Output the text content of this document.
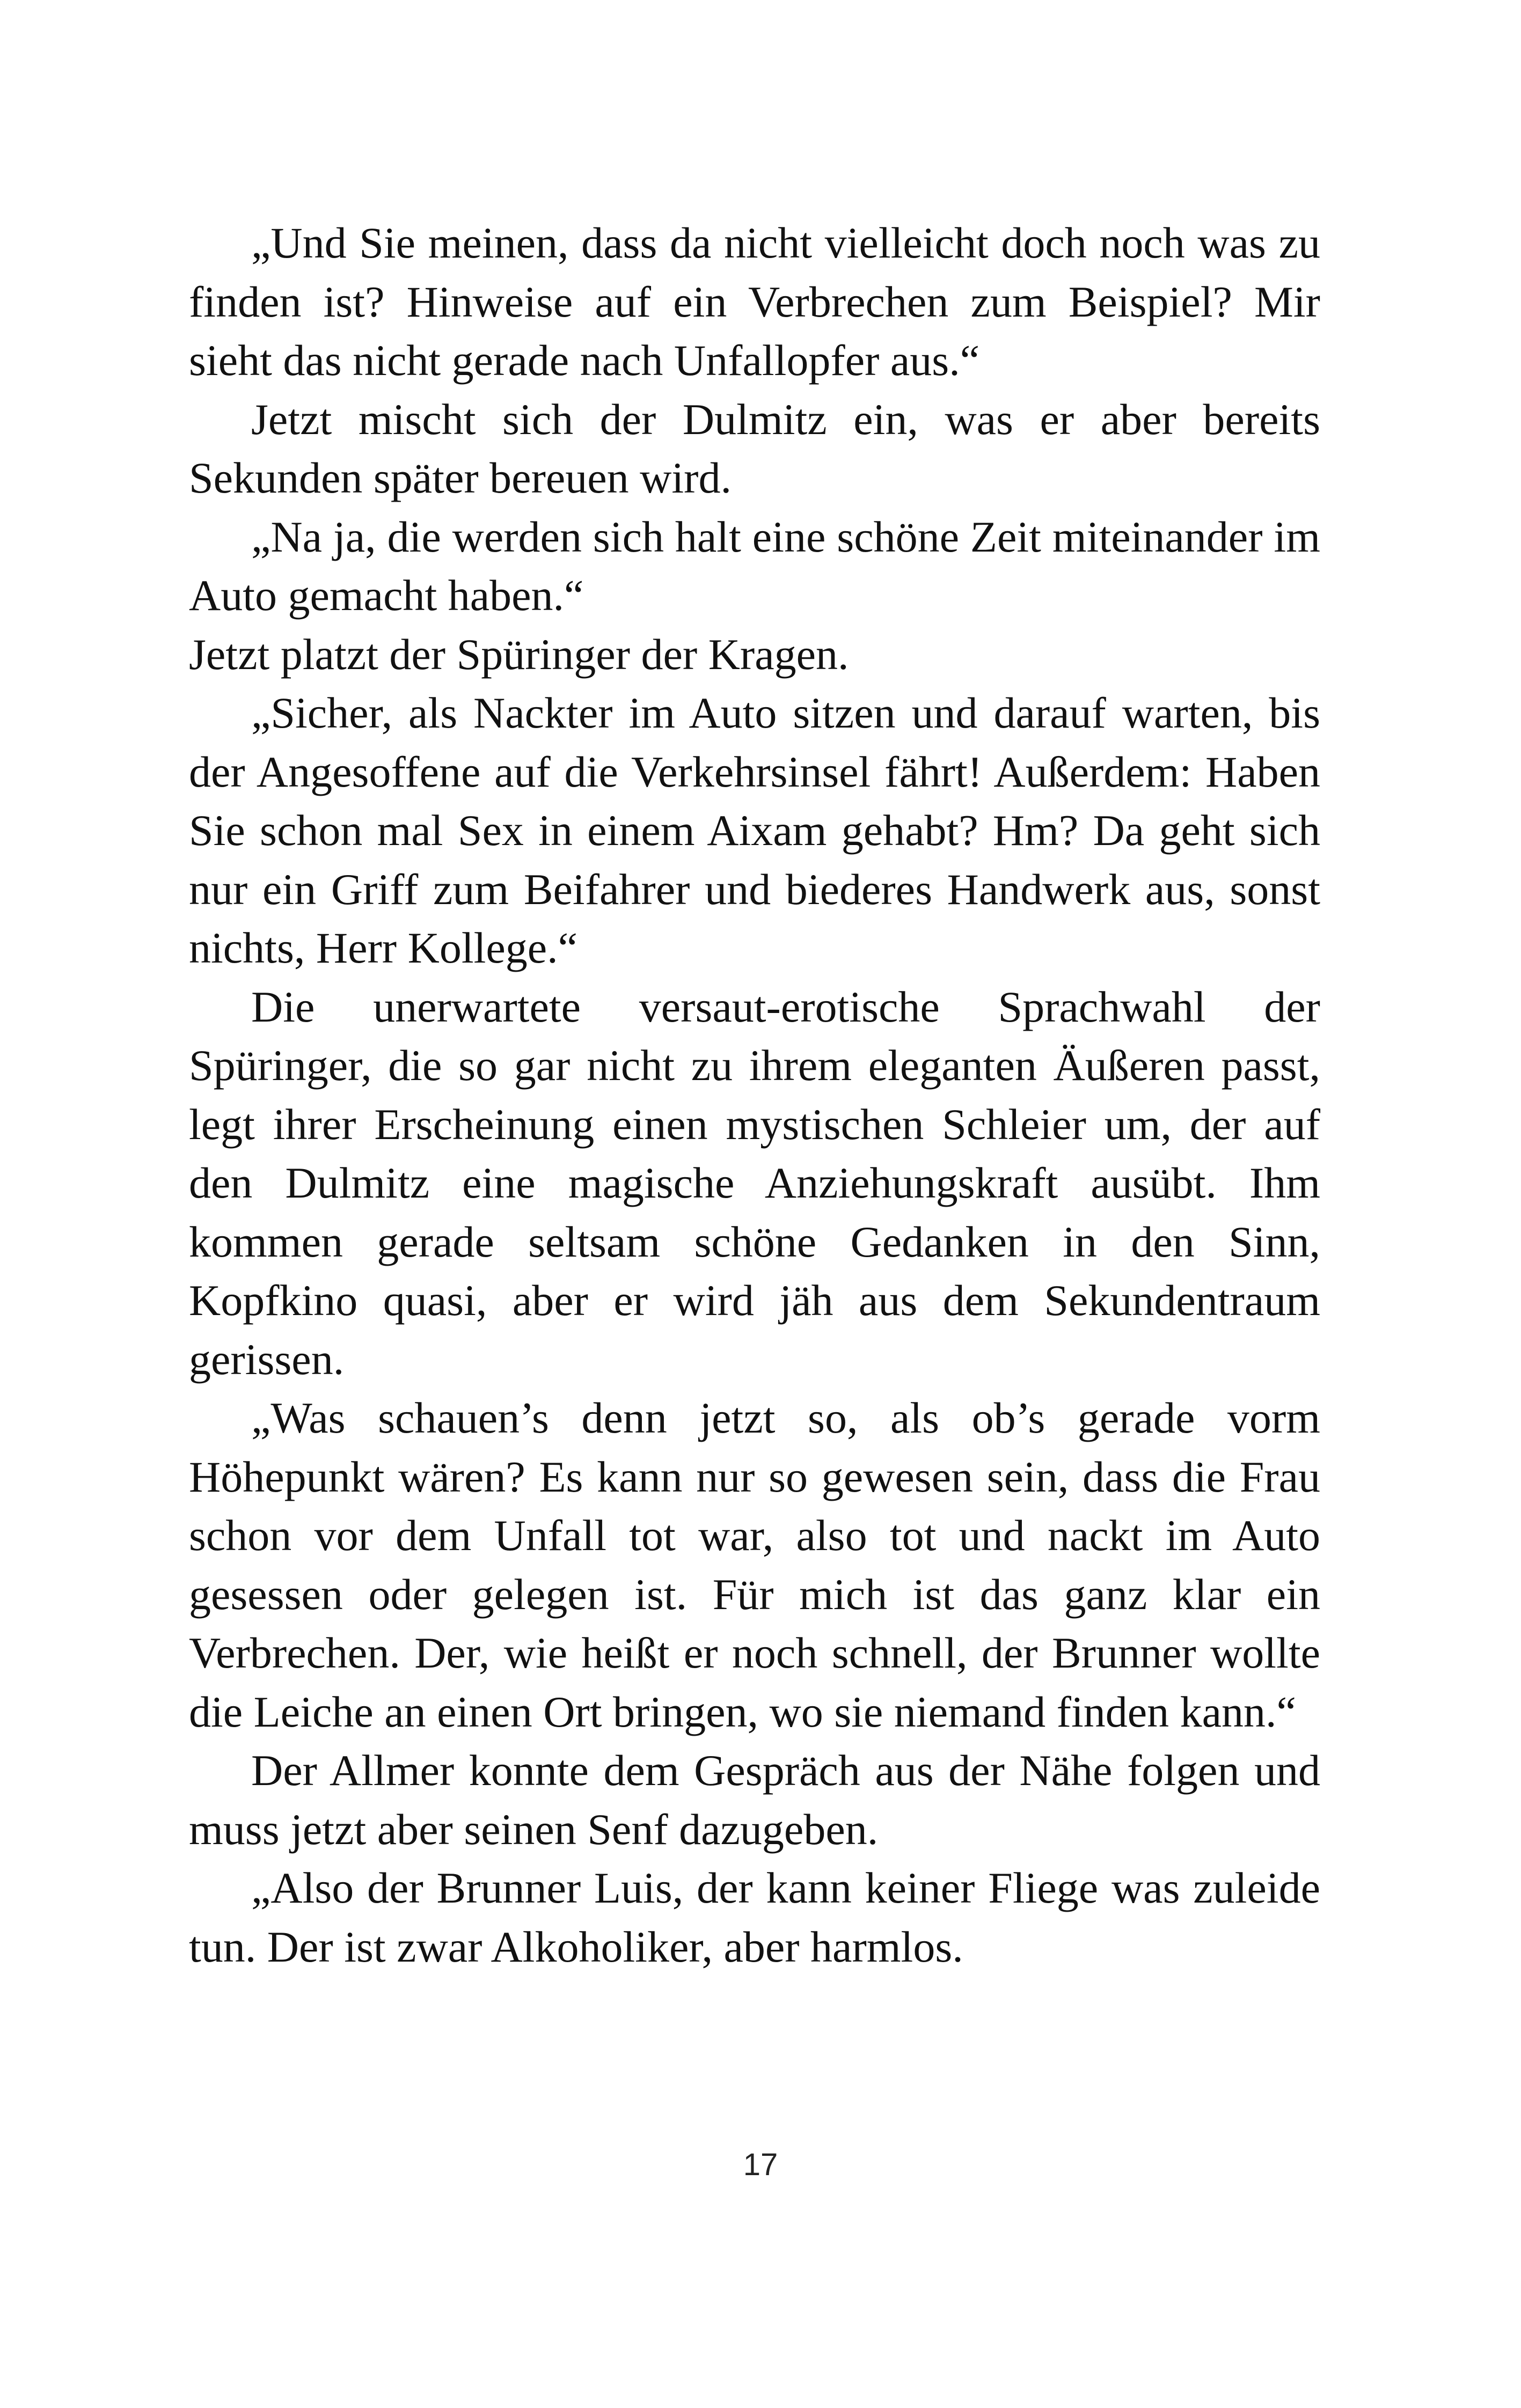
„Und Sie meinen, dass da nicht vielleicht doch noch was zu finden ist? Hinweise auf ein Verbrechen zum Beispiel? Mir sieht das nicht gerade nach Unfallopfer aus.“

Jetzt mischt sich der Dulmitz ein, was er aber bereits Sekunden später bereuen wird.

„Na ja, die werden sich halt eine schöne Zeit miteinander im Auto gemacht haben.“

Jetzt platzt der Spüringer der Kragen.

„Sicher, als Nackter im Auto sitzen und darauf warten, bis der Angesoffene auf die Verkehrsinsel fährt! Außerdem: Haben Sie schon mal Sex in einem Aixam gehabt? Hm? Da geht sich nur ein Griff zum Beifahrer und biederes Handwerk aus, sonst nichts, Herr Kollege.“

Die unerwartete versaut-erotische Sprachwahl der Spüringer, die so gar nicht zu ihrem eleganten Äußeren passt, legt ihrer Erscheinung einen mystischen Schleier um, der auf den Dulmitz eine magische Anziehungskraft ausübt. Ihm kommen gerade seltsam schöne Gedanken in den Sinn, Kopfkino quasi, aber er wird jäh aus dem Sekundentraum gerissen.

„Was schauen’s denn jetzt so, als ob’s gerade vorm Höhepunkt wären? Es kann nur so gewesen sein, dass die Frau schon vor dem Unfall tot war, also tot und nackt im Auto gesessen oder gelegen ist. Für mich ist das ganz klar ein Verbrechen. Der, wie heißt er noch schnell, der Brunner wollte die Leiche an einen Ort bringen, wo sie niemand finden kann.“

Der Allmer konnte dem Gespräch aus der Nähe folgen und muss jetzt aber seinen Senf dazugeben.

„Also der Brunner Luis, der kann keiner Fliege was zuleide tun. Der ist zwar Alkoholiker, aber harmlos.

17
